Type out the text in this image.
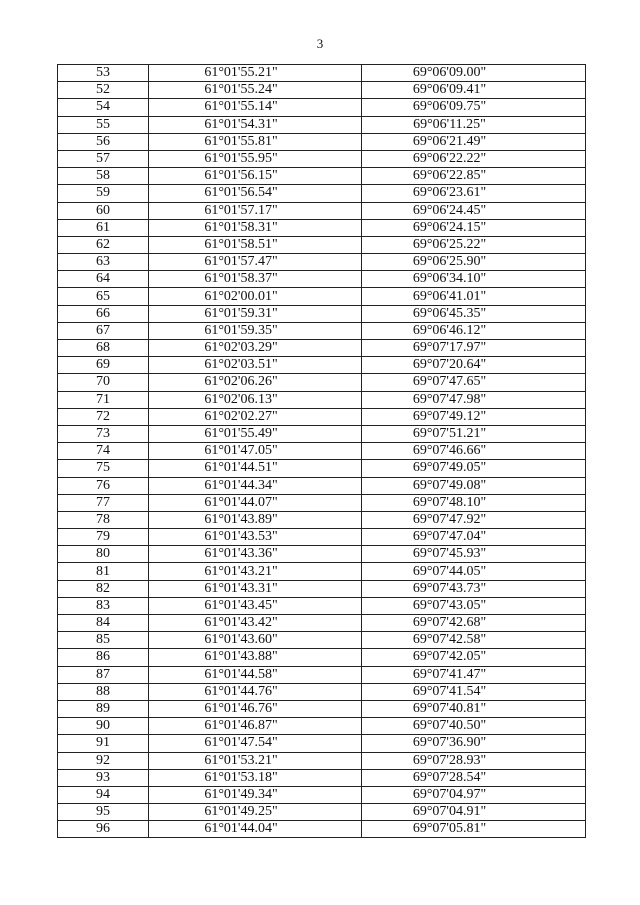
3
53	61°01'55.21"	69°06'09.00"
52	61°01'55.24"	69°06'09.41"
54	61°01'55.14"	69°06'09.75"
55	61°01'54.31"	69°06'11.25"
56	61°01'55.81"	69°06'21.49"
57	61°01'55.95"	69°06'22.22"
58	61°01'56.15"	69°06'22.85"
59	61°01'56.54"	69°06'23.61"
60	61°01'57.17"	69°06'24.45"
61	61°01'58.31"	69°06'24.15"
62	61°01'58.51"	69°06'25.22"
63	61°01'57.47"	69°06'25.90"
64	61°01'58.37"	69°06'34.10"
65	61°02'00.01"	69°06'41.01"
66	61°01'59.31"	69°06'45.35"
67	61°01'59.35"	69°06'46.12"
68	61°02'03.29"	69°07'17.97"
69	61°02'03.51"	69°07'20.64"
70	61°02'06.26"	69°07'47.65"
71	61°02'06.13"	69°07'47.98"
72	61°02'02.27"	69°07'49.12"
73	61°01'55.49"	69°07'51.21"
74	61°01'47.05"	69°07'46.66"
75	61°01'44.51"	69°07'49.05"
76	61°01'44.34"	69°07'49.08"
77	61°01'44.07"	69°07'48.10"
78	61°01'43.89"	69°07'47.92"
79	61°01'43.53"	69°07'47.04"
80	61°01'43.36"	69°07'45.93"
81	61°01'43.21"	69°07'44.05"
82	61°01'43.31"	69°07'43.73"
83	61°01'43.45"	69°07'43.05"
84	61°01'43.42"	69°07'42.68"
85	61°01'43.60"	69°07'42.58"
86	61°01'43.88"	69°07'42.05"
87	61°01'44.58"	69°07'41.47"
88	61°01'44.76"	69°07'41.54"
89	61°01'46.76"	69°07'40.81"
90	61°01'46.87"	69°07'40.50"
91	61°01'47.54"	69°07'36.90"
92	61°01'53.21"	69°07'28.93"
93	61°01'53.18"	69°07'28.54"
94	61°01'49.34"	69°07'04.97"
95	61°01'49.25"	69°07'04.91"
96	61°01'44.04"	69°07'05.81"
